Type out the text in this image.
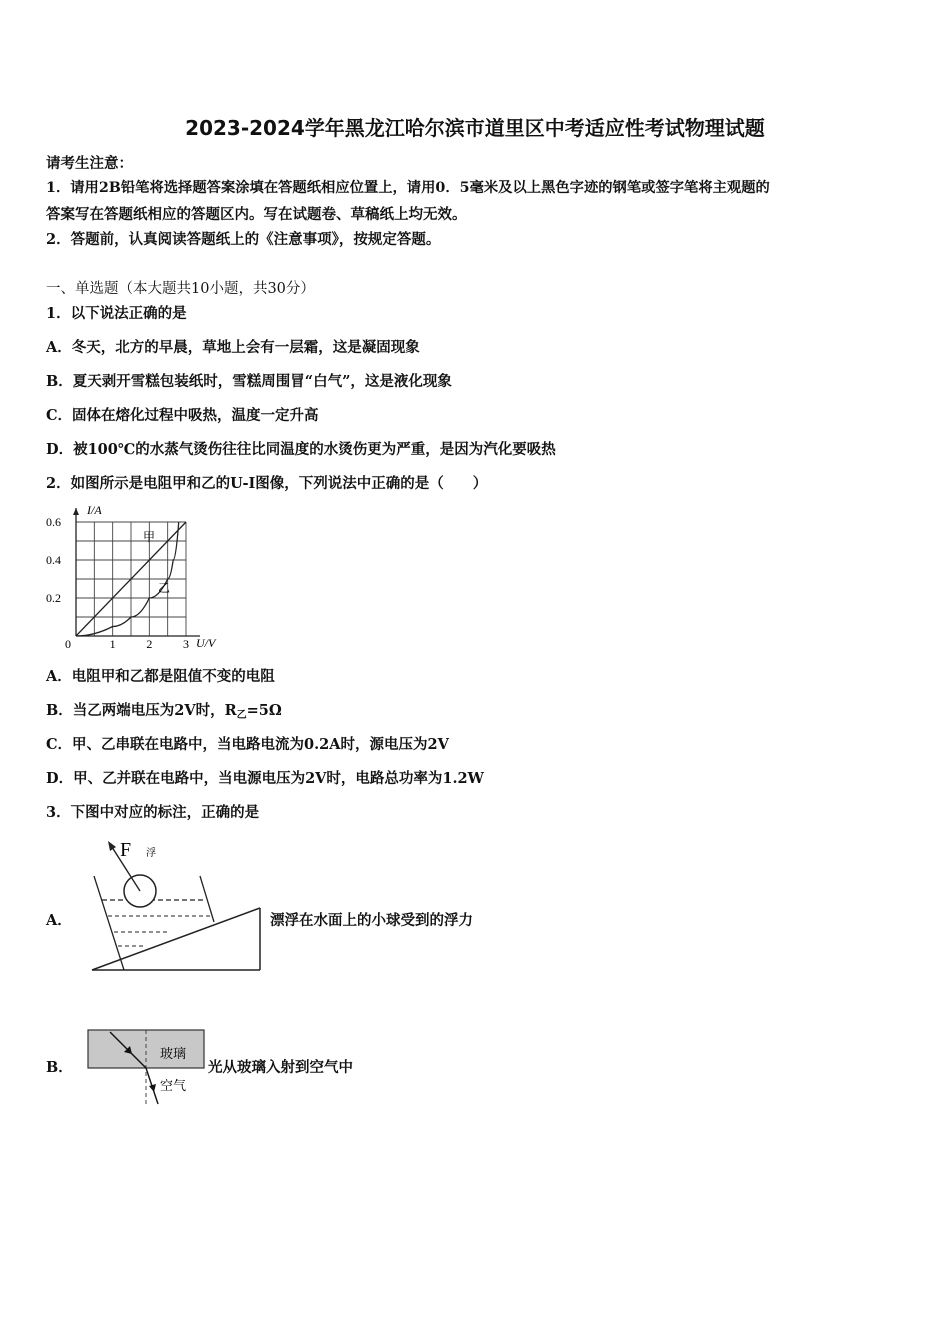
2023-2024学年黑龙江哈尔滨市道里区中考适应性考试物理试题
请考生注意：
1．请用2B铅笔将选择题答案涂填在答题纸相应位置上，请用0．5毫米及以上黑色字迹的钢笔或签字笔将主观题的
答案写在答题纸相应的答题区内。写在试题卷、草稿纸上均无效。
2．答题前，认真阅读答题纸上的《注意事项》，按规定答题。
一、单选题（本大题共10小题，共30分）
1．以下说法正确的是
A．冬天，北方的早晨，草地上会有一层霜，这是凝固现象
B．夏天剥开雪糕包装纸时，雪糕周围冒“白气”，这是液化现象
C．固体在熔化过程中吸热，温度一定升高
D．被100℃的水蒸气烫伤往往比同温度的水烫伤更为严重，是因为汽化要吸热
2．如图所示是电阻甲和乙的U-I图像，下列说法中正确的是（　　）
I/A
U/V
0.2
0.4
0.6
0	1	2	3
甲
乙
A．电阻甲和乙都是阻值不变的电阻
B．当乙两端电压为2V时，$R_乙=5\Omega$
C．甲、乙串联在电路中，当电路电流为0.2A时，源电压为2V
D．甲、乙并联在电路中，当电源电压为2V时，电路总功率为1.2W
3．下图中对应的标注，正确的是
A．
F 浮
漂浮在水面上的小球受到的浮力
B．
玻璃
空气
光从玻璃入射到空气中
